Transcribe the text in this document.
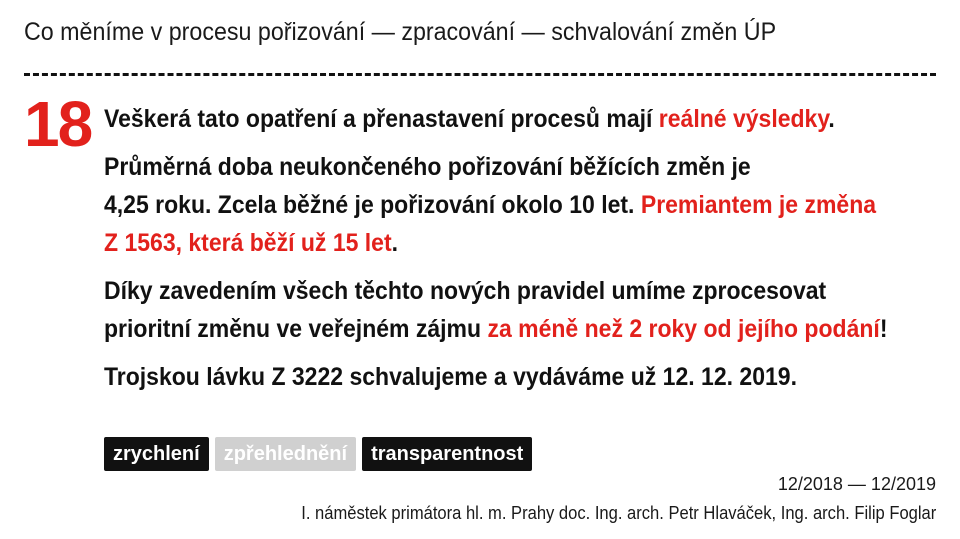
Co měníme v procesu pořizování — zpracování — schvalování změn ÚP
18 Veškerá tato opatření a přenastavení procesů mají reálné výsledky.

Průměrná doba neukončeného pořizování běžících změn je
4,25 roku. Zcela běžné je pořizování okolo 10 let. Premiantem je změna
Z 1563, která běží už 15 let.

Díky zavedením všech těchto nových pravidel umíme zprocesovat
prioritní změnu ve veřejném zájmu za méně než 2 roky od jejího podání!

Trojskou lávku Z 3222 schvalujeme a vydáváme už 12. 12. 2019.

zrychlení	zpřehlednění	transparentnost
12/2018 — 12/2019
I. náměstek primátora hl. m. Prahy doc. Ing. arch. Petr Hlaváček, Ing. arch. Filip Foglar
